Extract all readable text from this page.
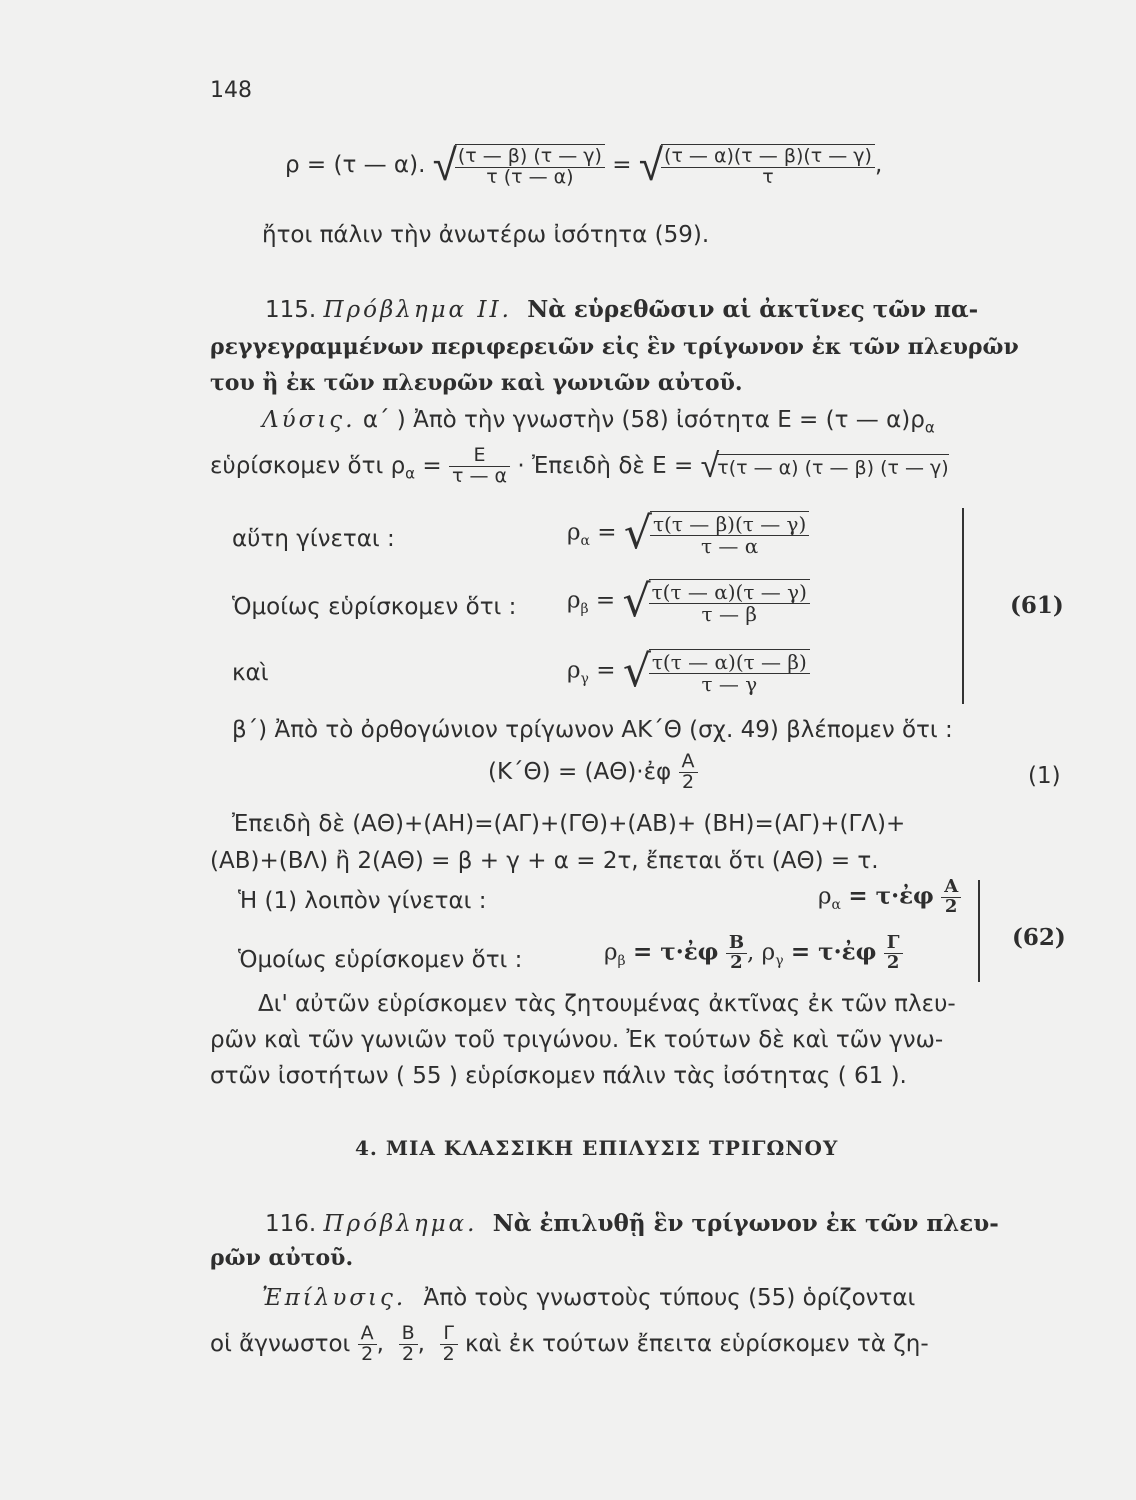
148
ρ = (τ — α). √
$\frac{(\tau — \beta) (\tau — \gamma)}{\tau (\tau — \alpha)}$ = √
$\frac{(\tau — \alpha)(\tau — \beta)(\tau — \gamma)}{\tau}$ ,
ἤτοι πάλιν τὴν ἀνωτέρω ἰσότητα (59).
115. Πρόβλημα ΙΙ. Νὰ εὑρεθῶσιν αἱ ἀκτῖνες τῶν πα-
ρεγγεγραμμένων περιφερειῶν εἰς ἓν τρίγωνον ἐκ τῶν πλευρῶν
του ἢ ἐκ τῶν πλευρῶν καὶ γωνιῶν αὐτοῦ.
Λύσις. α΄ ) Ἀπὸ τὴν γνωστὴν (58) ἰσότητα Ε = (τ — $\alpha)\rho_\alpha$
εὑρίσκομεν ὅτι $\rho_\alpha = \frac{E}{\tau — \alpha}$ · Ἐπειδὴ δὲ Ε = √τ(τ — α) (τ — β) (τ — γ)
αὕτη γίνεται :	$\rho_\alpha$ = √
$\frac{\tau(\tau — \beta)(\tau — \gamma)}{\tau — \alpha}$
Ὁμοίως εὑρίσκομεν ὅτι : $\rho_\beta$ = √
$\frac{\tau(\tau — \alpha)(\tau — \gamma)}{\tau — \beta}$
καὶ	$\rho_\gamma$ = √
$\frac{\tau(\tau — \alpha)(\tau — \beta)}{\tau — \gamma}$
(61)
β΄) Ἀπὸ τὸ ὀρθογώνιον τρίγωνον ΑΚ΄Θ (σχ. 49) βλέπομεν ὅτι :
(Κ΄Θ) = (ΑΘ)·ἐφ $\frac{A}{2}$	(1)
Ἐπειδὴ δὲ (ΑΘ)+(ΑΗ)=(ΑΓ)+(ΓΘ)+(ΑΒ)+ (ΒΗ)=(ΑΓ)+(ΓΛ)+
(ΑΒ)+(ΒΛ) ἢ 2(ΑΘ) = β + γ + α = 2τ, ἔπεται ὅτι (ΑΘ) = τ.
Ἡ (1) λοιπὸν γίνεται :	$\rho_\alpha$ = τ·ἐφ $\frac{A}{2}$
Ὁμοίως εὑρίσκομεν ὅτι :	$\rho_\beta$ = τ·ἐφ $\frac{B}{2}$ , $\rho_\gamma$ = τ·ἐφ $\frac{\Gamma}{2}$	(62)
Δι' αὐτῶν εὑρίσκομεν τὰς ζητουμένας ἀκτῖνας ἐκ τῶν πλευ-
ρῶν καὶ τῶν γωνιῶν τοῦ τριγώνου. Ἐκ τούτων δὲ καὶ τῶν γνω-
στῶν ἰσοτήτων ( 55 ) εὑρίσκομεν πάλιν τὰς ἰσότητας ( 61 ).
4. ΜΙΑ ΚΛΑΣΣΙΚΗ ΕΠΙΛΥΣΙΣ ΤΡΙΓΩΝΟΥ
116. Πρόβλημα. Νὰ ἐπιλυθῇ ἓν τρίγωνον ἐκ τῶν πλευ-
ρῶν αὐτοῦ.
Ἐπίλυσις. Ἀπὸ τοὺς γνωστοὺς τύπους (55) ὁρίζονται
οἱ ἄγνωστοι $\frac{A}{2}$ , $\frac{B}{2}$ , $\frac{\Gamma}{2}$ καὶ ἐκ τούτων ἔπειτα εὑρίσκομεν τὰ ζη-
